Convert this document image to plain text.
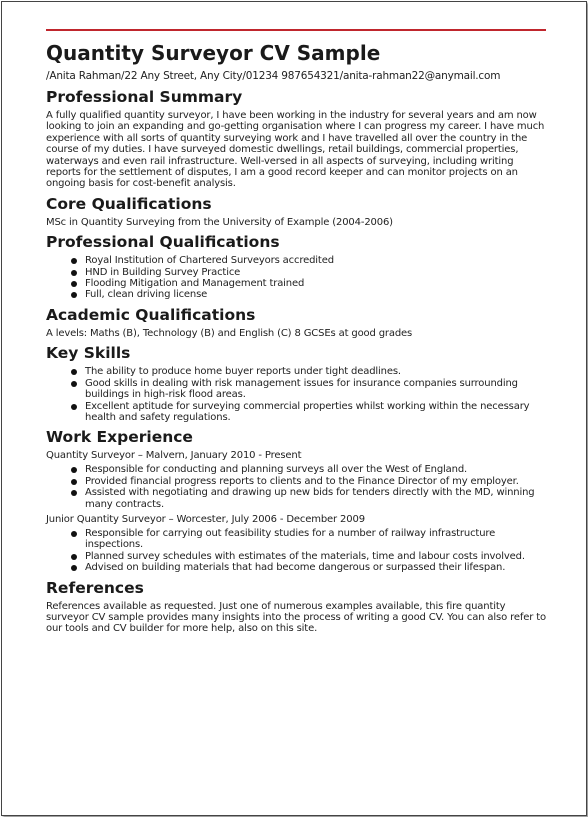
Quantity Surveyor CV Sample
/Anita Rahman/22 Any Street, Any City/01234 987654321/anita-rahman22@anymail.com
Professional Summary

A fully qualified quantity surveyor, I have been working in the industry for several years and am now looking to join an expanding and go-getting organisation where I can progress my career. I have much experience with all sorts of quantity surveying work and I have travelled all over the country in the course of my duties. I have surveyed domestic dwellings, retail buildings, commercial properties, waterways and even rail infrastructure. Well-versed in all aspects of surveying, including writing reports for the settlement of disputes, I am a good record keeper and can monitor projects on an ongoing basis for cost-benefit analysis.

Core Qualifications

MSc in Quantity Surveying from the University of Example (2004-2006)

Professional Qualifications
Royal Institution of Chartered Surveyors accredited
HND in Building Survey Practice
Flooding Mitigation and Management trained
Full, clean driving license
Academic Qualifications

A levels: Maths (B), Technology (B) and English (C) 8 GCSEs at good grades

Key Skills
The ability to produce home buyer reports under tight deadlines.
Good skills in dealing with risk management issues for insurance companies surrounding buildings in high-risk flood areas.
Excellent aptitude for surveying commercial properties whilst working within the necessary health and safety regulations.
Work Experience
Quantity Surveyor – Malvern, January 2010 - Present
Responsible for conducting and planning surveys all over the West of England.
Provided financial progress reports to clients and to the Finance Director of my employer.
Assisted with negotiating and drawing up new bids for tenders directly with the MD, winning many contracts.
Junior Quantity Surveyor – Worcester, July 2006 - December 2009
Responsible for carrying out feasibility studies for a number of railway infrastructure inspections.
Planned survey schedules with estimates of the materials, time and labour costs involved.
Advised on building materials that had become dangerous or surpassed their lifespan.
References

References available as requested. Just one of numerous examples available, this fire quantity surveyor CV sample provides many insights into the process of writing a good CV. You can also refer to our tools and CV builder for more help, also on this site.
